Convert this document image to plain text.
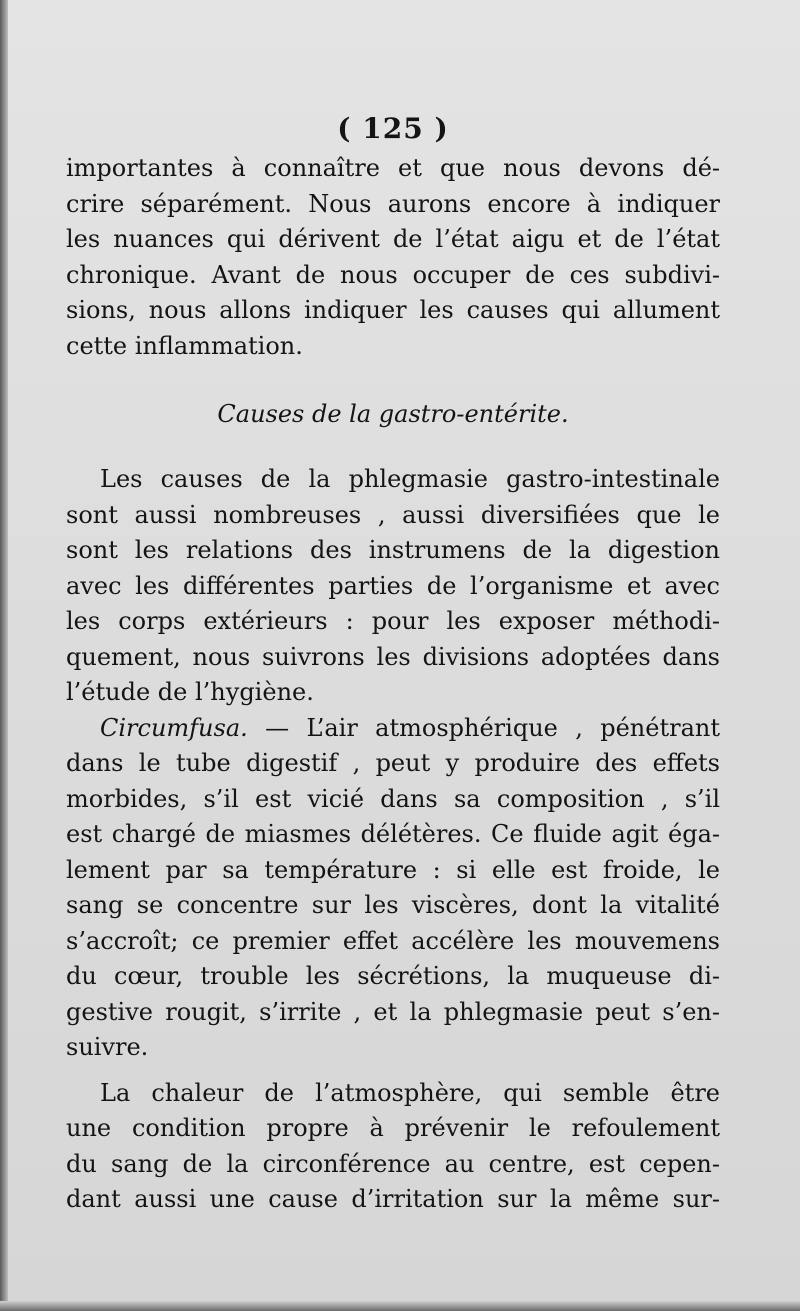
( 125 )
importantes à connaître et que nous devons dé-
crire séparément. Nous aurons encore à indiquer
les nuances qui dérivent de l’état aigu et de l’état
chronique. Avant de nous occuper de ces subdivi-
sions, nous allons indiquer les causes qui allument
cette inflammation.
Causes de la gastro-entérite.
Les causes de la phlegmasie gastro-intestinale
sont aussi nombreuses , aussi diversifiées que le
sont les relations des instrumens de la digestion
avec les différentes parties de l’organisme et avec
les corps extérieurs : pour les exposer méthodi-
quement, nous suivrons les divisions adoptées dans
l’étude de l’hygiène.
Circumfusa. — L’air atmosphérique , pénétrant
dans le tube digestif , peut y produire des effets
morbides, s’il est vicié dans sa composition , s’il
est chargé de miasmes délétères. Ce fluide agit éga-
lement par sa température : si elle est froide, le
sang se concentre sur les viscères, dont la vitalité
s’accroît; ce premier effet accélère les mouvemens
du cœur, trouble les sécrétions, la muqueuse di-
gestive rougit, s’irrite , et la phlegmasie peut s’en-
suivre.
La chaleur de l’atmosphère, qui semble être
une condition propre à prévenir le refoulement
du sang de la circonférence au centre, est cepen-
dant aussi une cause d’irritation sur la même sur-
